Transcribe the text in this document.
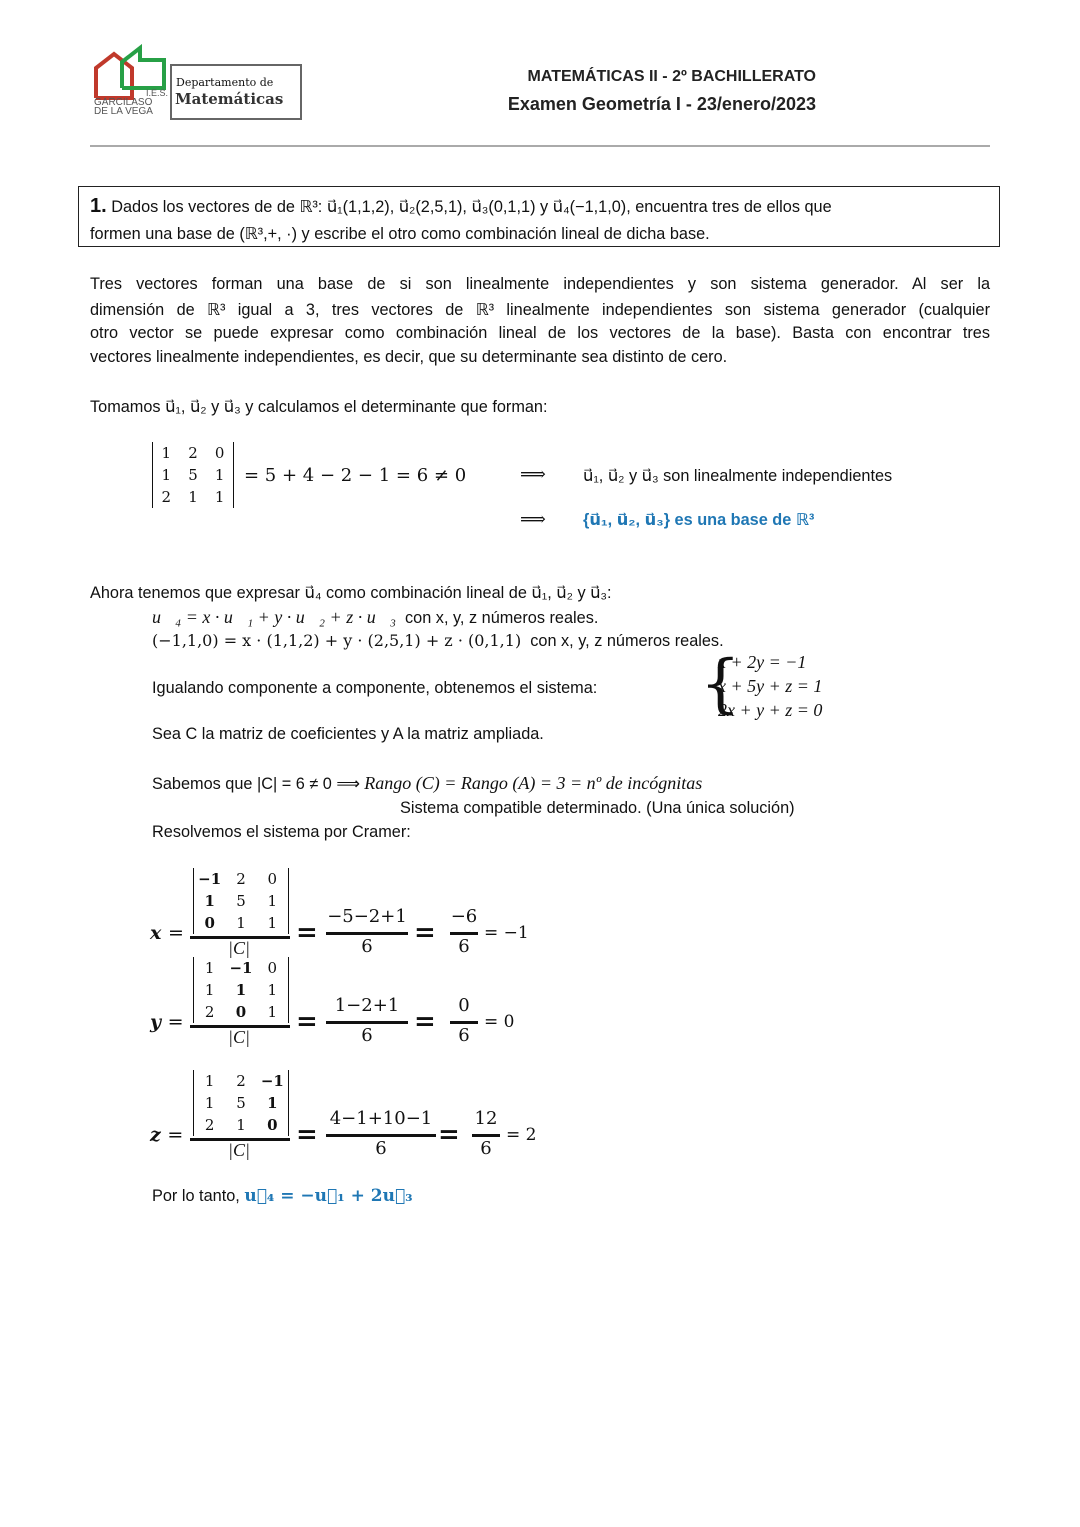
I.E.S.
GARCILASO
DE LA VEGA
Departamento de
Matemáticas
MATEMÁTICAS II - 2º BACHILLERATO
Examen Geometría I - 23/enero/2023
1. Dados los vectores de de ℝ³: u⃗₁(1,1,2), u⃗₂(2,5,1), u⃗₃(0,1,1) y u⃗₄(−1,1,0), encuentra tres de ellos que
formen una base de (ℝ³,+, ·) y escribe el otro como combinación lineal de dicha base.
Tres vectores forman una base de si son linealmente independientes y son sistema generador. Al ser la
dimensión de ℝ³ igual a 3, tres vectores de ℝ³ linealmente independientes son sistema generador (cualquier
otro vector se puede expresar como combinación lineal de los vectores de la base). Basta con encontrar tres
vectores linealmente independientes, es decir, que su determinante sea distinto de cero.
Tomamos u⃗₁, u⃗₂ y u⃗₃ y calculamos el determinante que forman:
1	2	0
1	5	1
2	1	1
= 5 + 4 − 2 − 1 = 6 ≠ 0	⟹ u⃗₁, u⃗₂ y u⃗₃ son linealmente independientes
⟹ {u⃗₁, u⃗₂, u⃗₃} es una base de ℝ³
Ahora tenemos que expresar u⃗₄ como combinación lineal de u⃗₁, u⃗₂ y u⃗₃:
u⃗₄ = x · u⃗₁ + y · u⃗₂ + z · u⃗₃ con x, y, z números reales.
(−1,1,0) = x · (1,1,2) + y · (2,5,1) + z · (0,1,1) con x, y, z números reales.
Igualando componente a componente, obtenemos el sistema: {
x + 2y = −1
x + 5y + z = 1
2x + y + z = 0
Sea C la matriz de coeficientes y A la matriz ampliada.
Sabemos que |C| = 6 ≠ 0 ⟹ Rango (C) = Rango (A) = 3 = nº de incógnitas
Sistema compatible determinado. (Una única solución)
Resolvemos el sistema por Cramer:
x =
−1	2	0
1	5	1
0	1	1
|C| =
−5−2+1
6	=
−6
6
= −1
y =
1	−1	0
1	1	1
2	0	1
|C| =
1−2+1
6	=
0
6
= 0
z =
1	2	−1
1	5	1
2	1	0
|C| =
4−1+10−1
6	=
12
6
= 2
Por lo tanto, u⃗₄ = −u⃗₁ + 2u⃗₃
